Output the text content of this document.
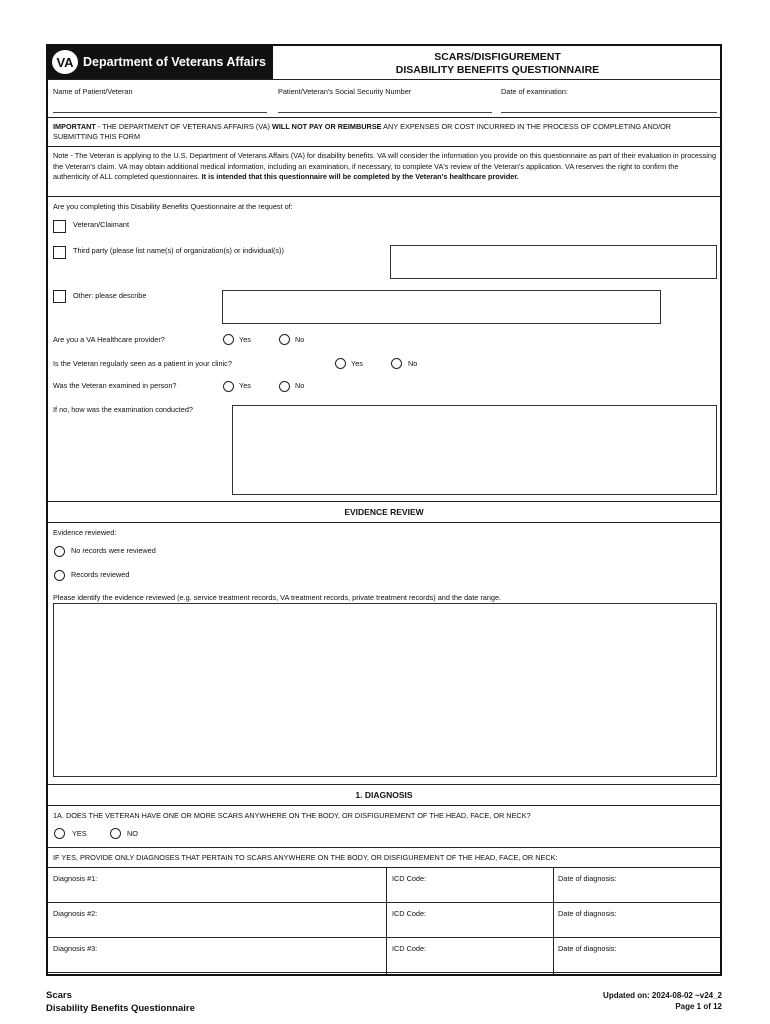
VA Department of Veterans Affairs	SCARS/DISFIGUREMENT
DISABILITY BENEFITS QUESTIONNAIRE
Name of Patient/Veteran	Patient/Veteran's Social Security Number	Date of examination:
IMPORTANT - THE DEPARTMENT OF VETERANS AFFAIRS (VA) WILL NOT PAY OR REIMBURSE ANY EXPENSES OR COST INCURRED IN THE PROCESS OF COMPLETING AND/OR SUBMITTING THIS FORM
Note - The Veteran is applying to the U.S. Department of Veterans Affairs (VA) for disability benefits. VA will consider the information you provide on this questionnaire as part of their evaluation in processing the Veteran's claim. VA may obtain additional medical information, including an examination, if necessary, to complete VA's review of the Veteran's application. VA reserves the right to confirm the authenticity of ALL completed questionnaires. It is intended that this questionnaire will be completed by the Veteran's healthcare provider.
Are you completing this Disability Benefits Questionnaire at the request of:
Veteran/Claimant
Third party (please list name(s) of organization(s) or individual(s))
Other: please describe
Are you a VA Healthcare provider?	Yes	No
Is the Veteran regularly seen as a patient in your clinic?	Yes	No
Was the Veteran examined in person?	Yes	No
If no, how was the examination conducted?
EVIDENCE REVIEW
Evidence reviewed:
No records were reviewed
Records reviewed
Please identify the evidence reviewed (e.g. service treatment records, VA treatment records, private treatment records) and the date range.
1. DIAGNOSIS
1A. DOES THE VETERAN HAVE ONE OR MORE SCARS ANYWHERE ON THE BODY, OR DISFIGUREMENT OF THE HEAD, FACE, OR NECK?
YES	NO
IF YES, PROVIDE ONLY DIAGNOSES THAT PERTAIN TO SCARS ANYWHERE ON THE BODY, OR DISFIGUREMENT OF THE HEAD, FACE, OR NECK:
Diagnosis #1:	ICD Code:	Date of diagnosis:
Diagnosis #2:	ICD Code:	Date of diagnosis:
Diagnosis #3:	ICD Code:	Date of diagnosis:
Scars
Disability Benefits Questionnaire
Updated on: 2024-08-02 ~v24_2
Page 1 of 12
